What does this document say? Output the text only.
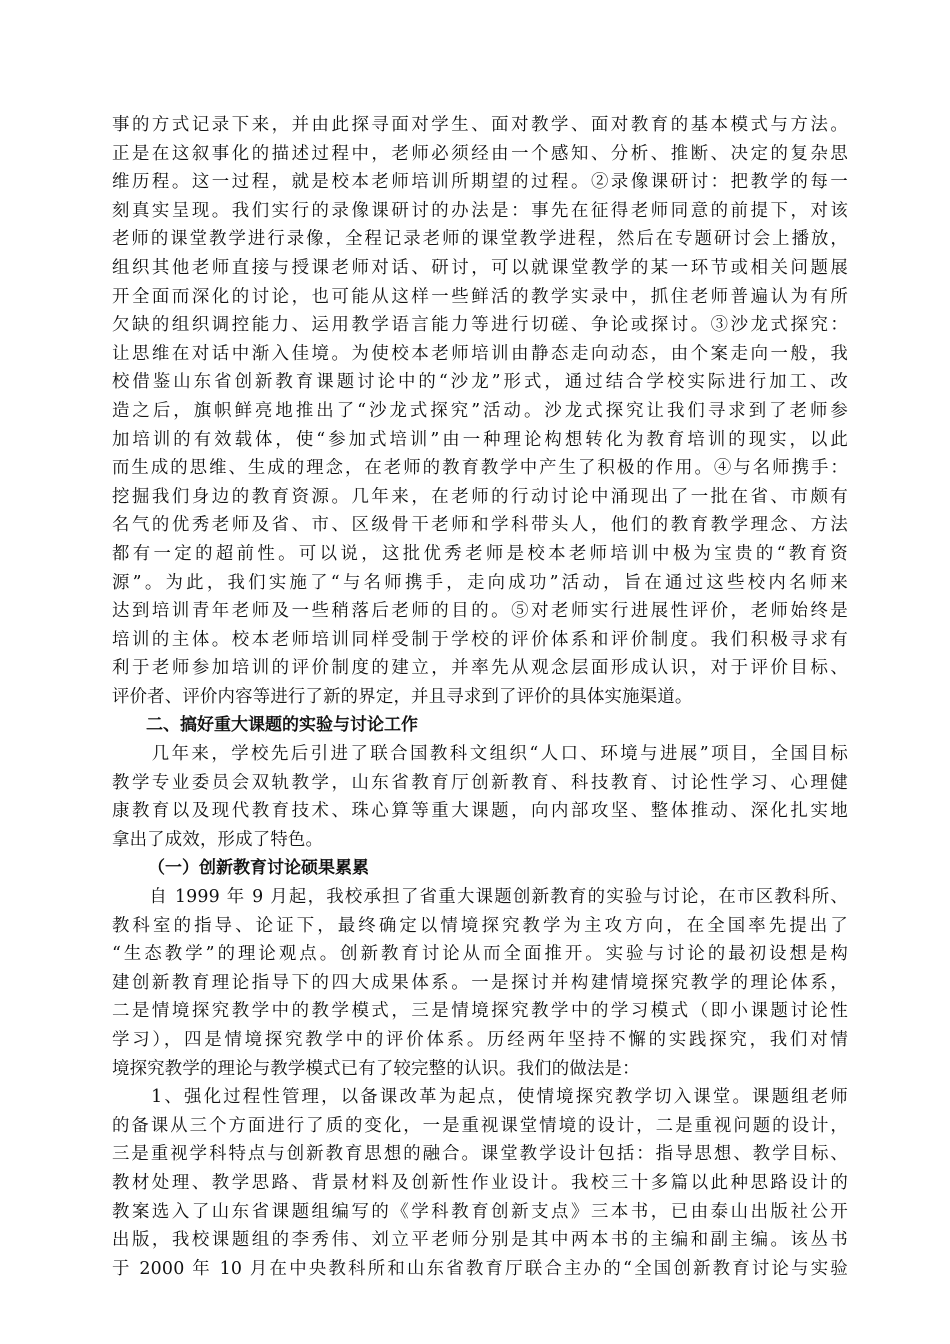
事的方式记录下来，并由此探寻面对学生、面对教学、面对教育的基本模式与方法。
正是在这叙事化的描述过程中，老师必须经由一个感知、分析、推断、决定的复杂思
维历程。这一过程，就是校本老师培训所期望的过程。②录像课研讨：把教学的每一
刻真实呈现。我们实行的录像课研讨的办法是：事先在征得老师同意的前提下，对该
老师的课堂教学进行录像，全程记录老师的课堂教学进程，然后在专题研讨会上播放，
组织其他老师直接与授课老师对话、研讨，可以就课堂教学的某一环节或相关问题展
开全面而深化的讨论，也可能从这样一些鲜活的教学实录中，抓住老师普遍认为有所
欠缺的组织调控能力、运用教学语言能力等进行切磋、争论或探讨。③沙龙式探究：
让思维在对话中渐入佳境。为使校本老师培训由静态走向动态，由个案走向一般，我
校借鉴山东省创新教育课题讨论中的“沙龙”形式，通过结合学校实际进行加工、改
造之后，旗帜鲜亮地推出了“沙龙式探究”活动。沙龙式探究让我们寻求到了老师参
加培训的有效载体，使“参加式培训”由一种理论构想转化为教育培训的现实，以此
而生成的思维、生成的理念，在老师的教育教学中产生了积极的作用。④与名师携手：
挖掘我们身边的教育资源。几年来，在老师的行动讨论中涌现出了一批在省、市颇有
名气的优秀老师及省、市、区级骨干老师和学科带头人，他们的教育教学理念、方法
都有一定的超前性。可以说，这批优秀老师是校本老师培训中极为宝贵的“教育资
源”。为此，我们实施了“与名师携手，走向成功”活动，旨在通过这些校内名师来
达到培训青年老师及一些稍落后老师的目的。⑤对老师实行进展性评价，老师始终是
培训的主体。校本老师培训同样受制于学校的评价体系和评价制度。我们积极寻求有
利于老师参加培训的评价制度的建立，并率先从观念层面形成认识，对于评价目标、
评价者、评价内容等进行了新的界定，并且寻求到了评价的具体实施渠道。
二、搞好重大课题的实验与讨论工作
　　几年来，学校先后引进了联合国教科文组织“人口、环境与进展”项目，全国目标
教学专业委员会双轨教学，山东省教育厅创新教育、科技教育、讨论性学习、心理健
康教育以及现代教育技术、珠心算等重大课题，向内部攻坚、整体推动、深化扎实地
拿出了成效，形成了特色。
（一）创新教育讨论硕果累累
　　自 1999 年 9 月起，我校承担了省重大课题创新教育的实验与讨论，在市区教科所、
教科室的指导、论证下，最终确定以情境探究教学为主攻方向，在全国率先提出了
“生态教学”的理论观点。创新教育讨论从而全面推开。实验与讨论的最初设想是构
建创新教育理论指导下的四大成果体系。一是探讨并构建情境探究教学的理论体系，
二是情境探究教学中的教学模式，三是情境探究教学中的学习模式（即小课题讨论性
学习），四是情境探究教学中的评价体系。历经两年坚持不懈的实践探究，我们对情
境探究教学的理论与教学模式已有了较完整的认识。我们的做法是：
　　1、强化过程性管理，以备课改革为起点，使情境探究教学切入课堂。课题组老师
的备课从三个方面进行了质的变化，一是重视课堂情境的设计，二是重视问题的设计，
三是重视学科特点与创新教育思想的融合。课堂教学设计包括：指导思想、教学目标、
教材处理、教学思路、背景材料及创新性作业设计。我校三十多篇以此种思路设计的
教案选入了山东省课题组编写的《学科教育创新支点》三本书，已由泰山出版社公开
出版，我校课题组的李秀伟、刘立平老师分别是其中两本书的主编和副主编。该丛书
于 2000 年 10 月在中央教科所和山东省教育厅联合主办的“全国创新教育讨论与实验
